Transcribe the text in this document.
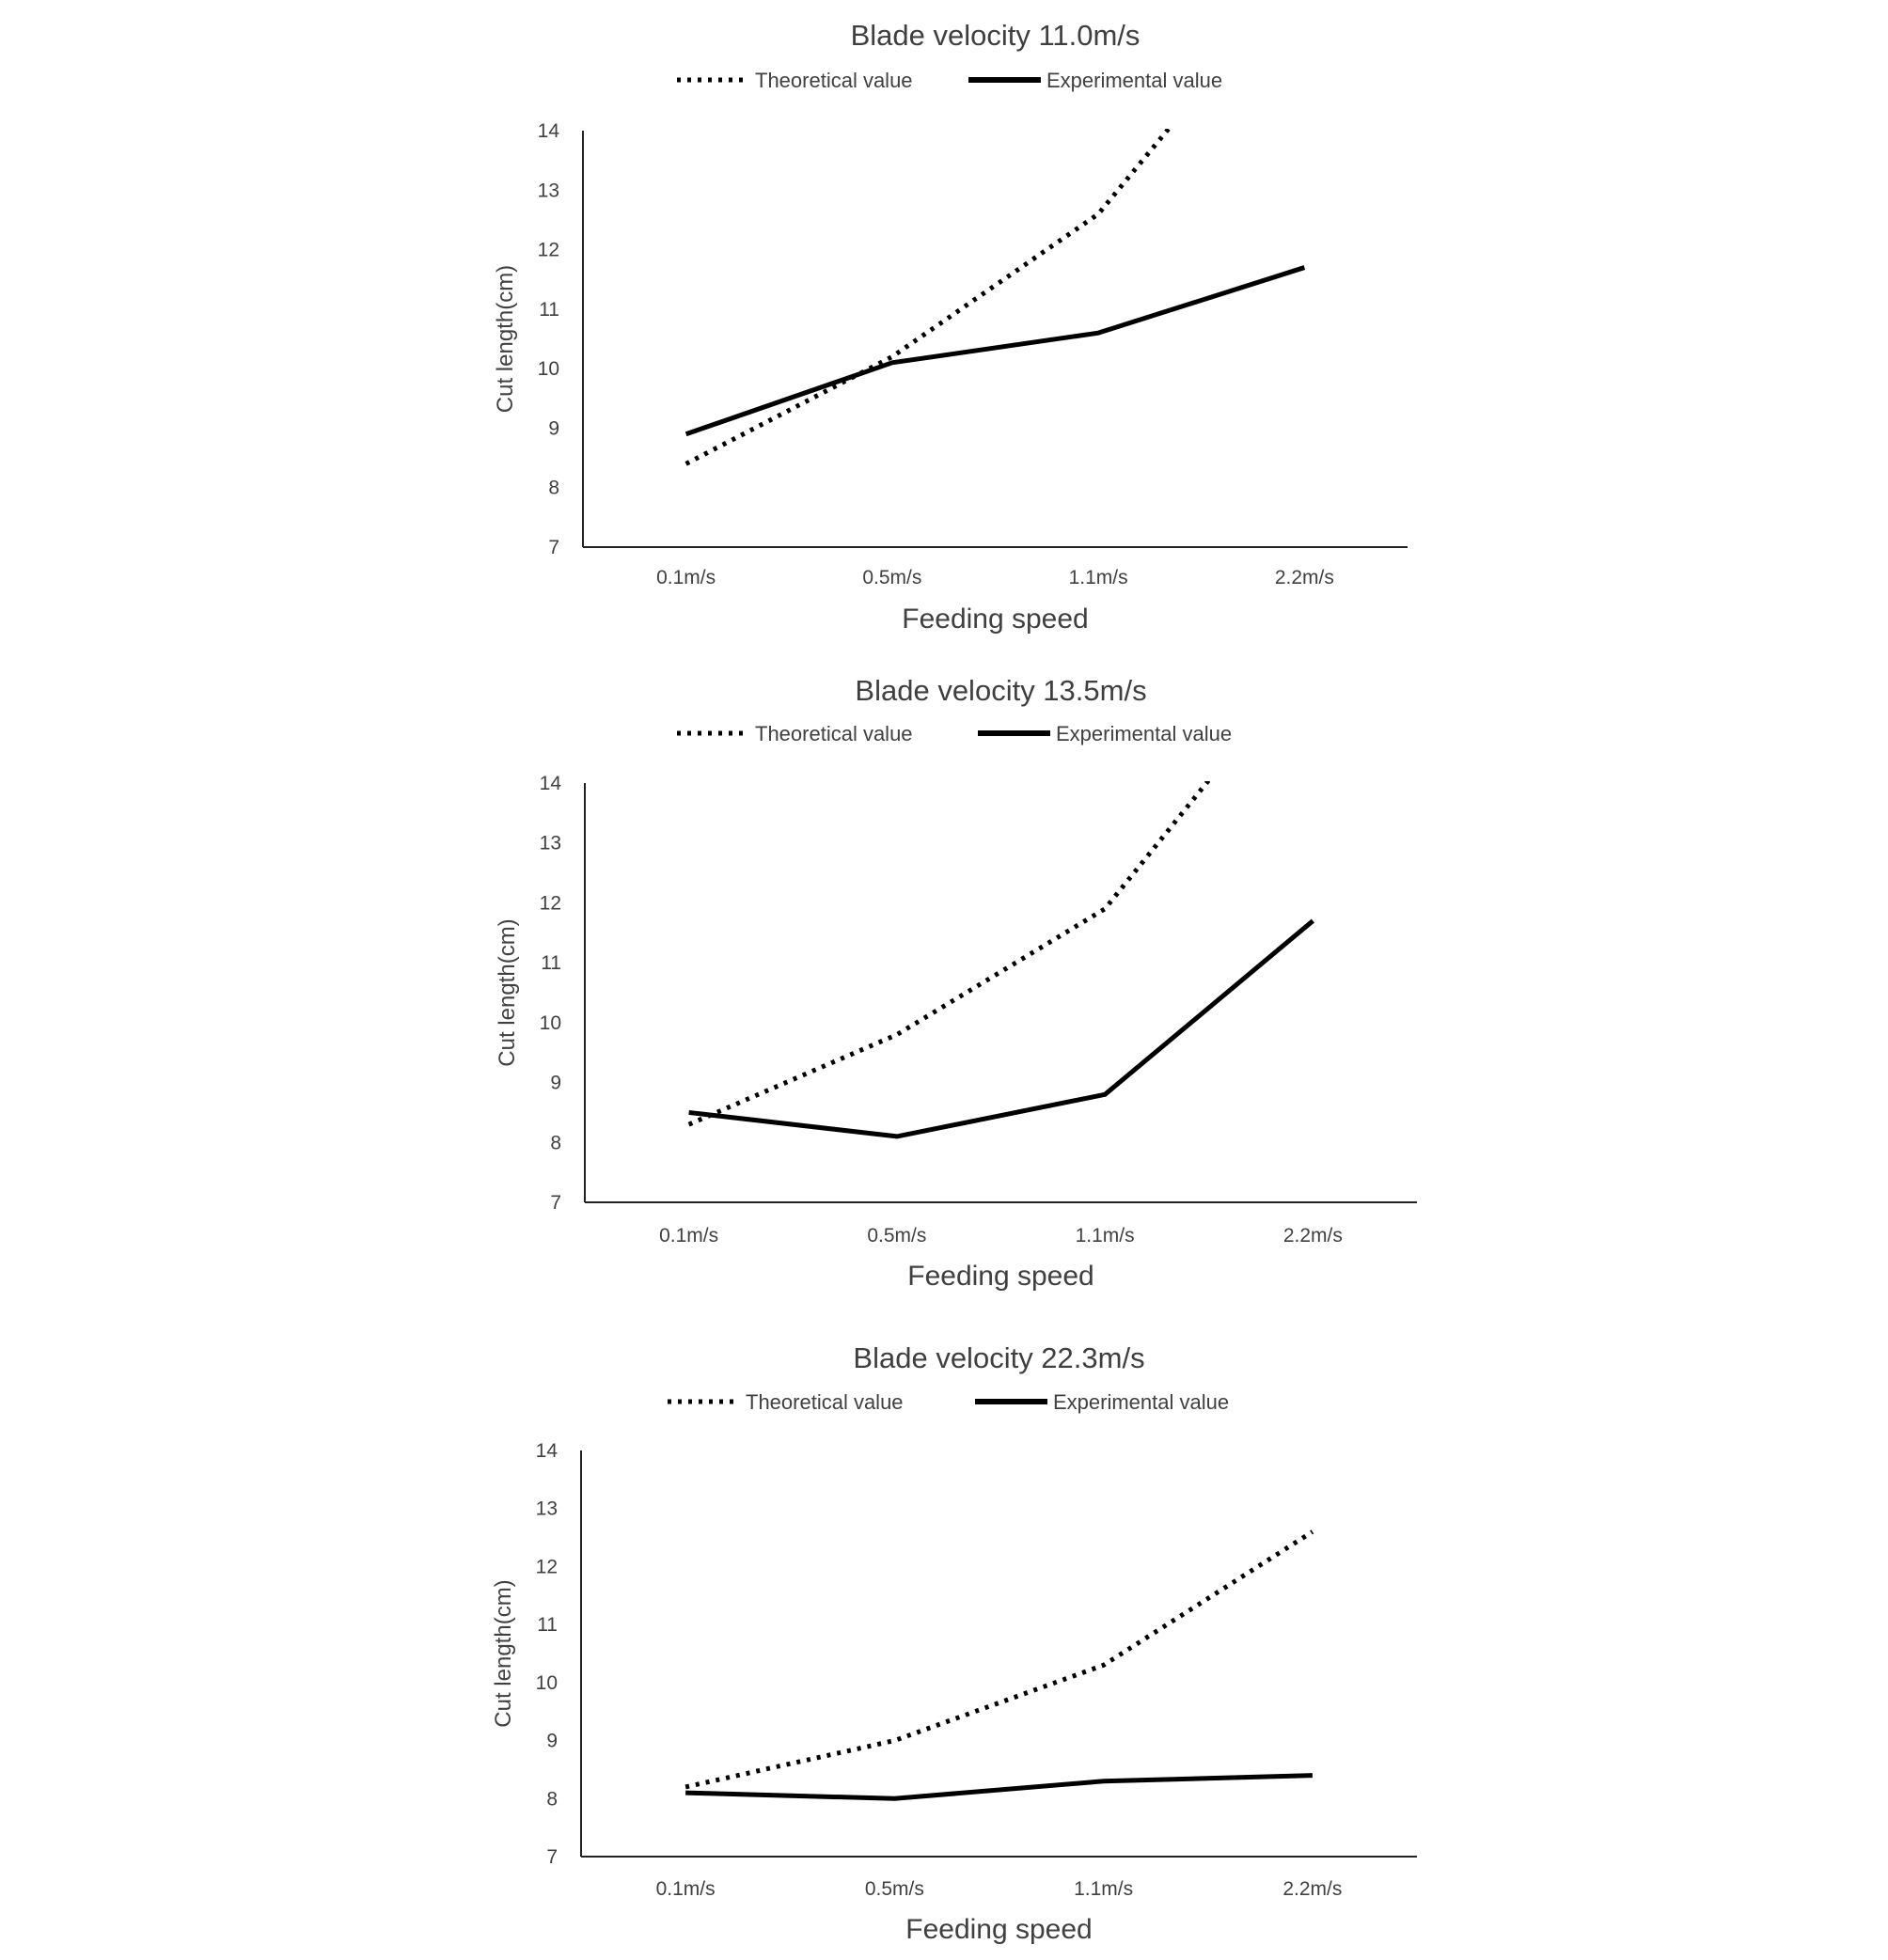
Blade velocity 11.0m/s
Theoretical value	Experimental value
7
8
9
10
11
12
13
14
0.1m/s	0.5m/s	1.1m/s	2.2m/s
Feeding speed
Cut length(cm)
Blade velocity 13.5m/s
Theoretical value	Experimental value
7
8
9
10
11
12
13
14
0.1m/s	0.5m/s	1.1m/s	2.2m/s
Feeding speed
Cut length(cm)
Blade velocity 22.3m/s
Theoretical value	Experimental value
7
8
9
10
11
12
13
14
0.1m/s	0.5m/s	1.1m/s	2.2m/s
Feeding speed
Cut length(cm)
